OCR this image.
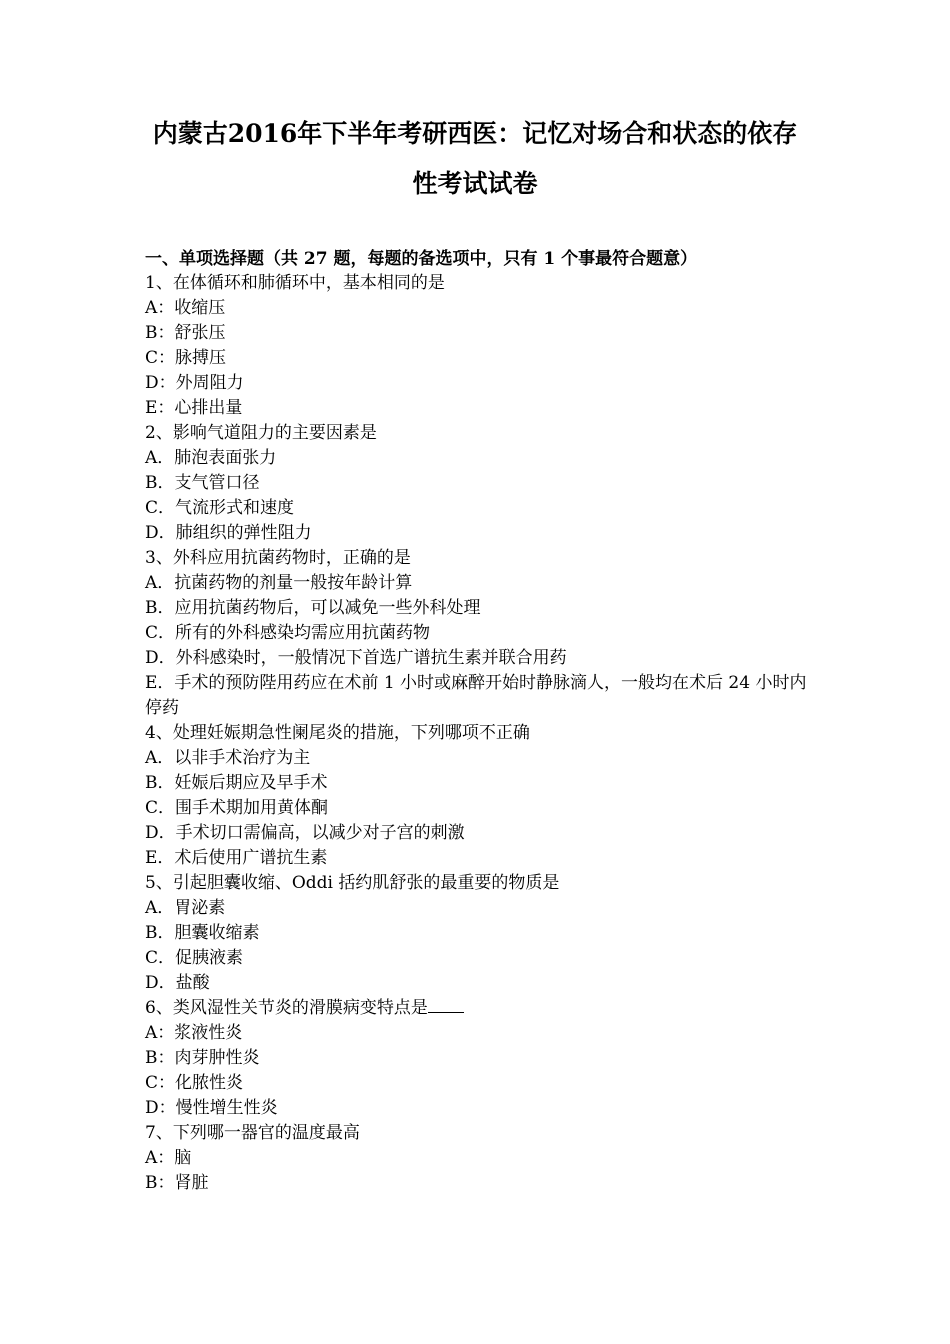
内蒙古2016年下半年考研西医：记忆对场合和状态的依存
性考试试卷

一、单项选择题（共 27 题，每题的备选项中，只有 1 个事最符合题意）

1、在体循环和肺循环中，基本相同的是

A：收缩压

B：舒张压

C：脉搏压

D：外周阻力

E：心排出量

2、影响气道阻力的主要因素是

A．肺泡表面张力

B．支气管口径

C．气流形式和速度

D．肺组织的弹性阻力

3、外科应用抗菌药物时，正确的是

A．抗菌药物的剂量一般按年龄计算

B．应用抗菌药物后，可以减免一些外科处理

C．所有的外科感染均需应用抗菌药物

D．外科感染时，一般情况下首选广谱抗生素并联合用药

E．手术的预防陛用药应在术前 1 小时或麻醉开始时静脉滴人，一般均在术后 24 小时内停药

4、处理妊娠期急性阑尾炎的措施，下列哪项不正确

A．以非手术治疗为主

B．妊娠后期应及早手术

C．围手术期加用黄体酮

D．手术切口需偏高，以减少对子宫的刺激

E．术后使用广谱抗生素

5、引起胆囊收缩、Oddi 括约肌舒张的最重要的物质是

A．胃泌素

B．胆囊收缩素

C．促胰液素

D．盐酸

6、类风湿性关节炎的滑膜病变特点是

A：浆液性炎

B：肉芽肿性炎

C：化脓性炎

D：慢性增生性炎

7、下列哪一器官的温度最高

A：脑

B：肾脏
